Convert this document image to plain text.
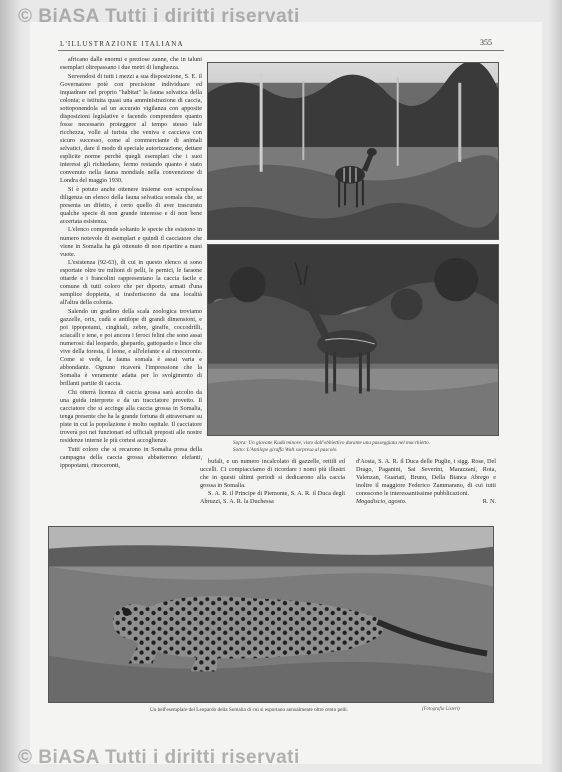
© BiASA Tutti i diritti riservati
L'ILLUSTRAZIONE ITALIANA	355

africano dalle enormi e preziose zanne, che in taluni esemplari oltrepassano i due metri di lunghezza.

Servendosi di tutti i mezzi a sua disposizione, S. E. il Governatore potè con precisione individuare ed inquadrare nel proprio "habitat" la fauna selvatica della colonia; e istituita quasi una amministrazione di caccia, sottoponendola ad un accurato vigilanza con apposite disposizioni legislative e facendo comprendere quanto fosse necessario proteggere al tempo stesso tale ricchezza, volle al turista che veniva e cacciava con sicuro successo, come al commerciante di animali selvatici, dare il modo di speciale autorizzazione, dettare esplicite norme perchè quegli esemplari che i suoi interessi gli richiedano, fermo restando quanto è stato convenuto nella fauna mondiale nella convenzione di Londra del maggio 1930.

Si è potuto anche ottenere insieme con scrupolosa diligenza un elenco della fauna selvatica somala che, se presenta un difetto, è certo quello di aver trascurato qualche specie di non grande interesse e di non bene accertata esistenza.

L'elenco comprende soltanto le specie che esistono in numero notevole di esemplari e quindi il cacciatore che viene in Somalia ha già ottenuto di non ripartire a mani vuote.

L'esistenza (92-63), di cui in questo elenco si sono esportate oltre tre milioni di pelli, le pernici, le faraone ottarde e i francolini rappresentano la caccia facile e comune di tutti coloro che per diporto, armati d'una semplice doppietta, si trasferiscono da una località all'altra della colonia.

Salendo un gradino della scala zoologica troviamo gazzelle, orix, cudù e antilope di grandi dimensioni, e poi ippopotami, cinghiali, zebre, giraffe, coccodrilli, sciacalli e iene, e poi ancora i feroci felini che sono assai numerosi: dal leopardo, ghepardo, gattopardo e lince che vive della foresta, il leone, e all'elefante e al rinoceronte. Come si vede, la fauna somala è assai varia e abbondante. Ognuno ricaverà l'impressione che la Somalia è veramente adatta per lo svolgimento di brillanti partite di caccia.

Chi otterrà licenza di caccia grossa sarà accolto da una guida interprete e da un tracciatore provetto. Il cacciatore che si accinge alla caccia grossa in Somalia, tenga presente che ha la grande fortuna di attraversare su piste in cui la popolazione è molto ospitale. Il cacciatore troverà poi nei funzionari ed ufficiali preposti alle nostre residenze interne le più cortesi accoglienze.

Tutti coloro che si recarono in Somalia presa della campagna della caccia grossa abbatterono elefanti, ippopotami, rinoceronti,

Sopra: Un giovane Kudù minore, visto dall'obbiettivo durante una passeggiata nel macchietto.
Sotto: L'Antilope giraffa Walt sorpresa al pascolo.

bufali, e un numero incalcolato di gazzelle, rettili ed uccelli. Ci compiacciamo di ricordare i nomi più illustri che in questi ultimi periodi si dedicarono alla caccia grossa in Somalia.

S. A. R. il Principe di Piemonte, S. A. R. il Duca degli Abruzzi, S. A. R. la Duchessa

d'Aosta, S. A. R. il Duca delle Puglie, i sigg. Rose, Del Drago, Paganini, Sai Severini, Marazzani, Rota, Valenzan, Guariati, Bruno, Della Bianca Abrego e inoltre il maggiore Federico Zammarano, di cui tutti conoscono le interessantissime pubblicazioni.

Mogadiscio, agosto.	R. N.
Un bell'esemplare del Leopardo della Somalia di cui si esportano annualmente oltre cento pelli.	(Fotografia Listeri)
© BiASA Tutti i diritti riservati
